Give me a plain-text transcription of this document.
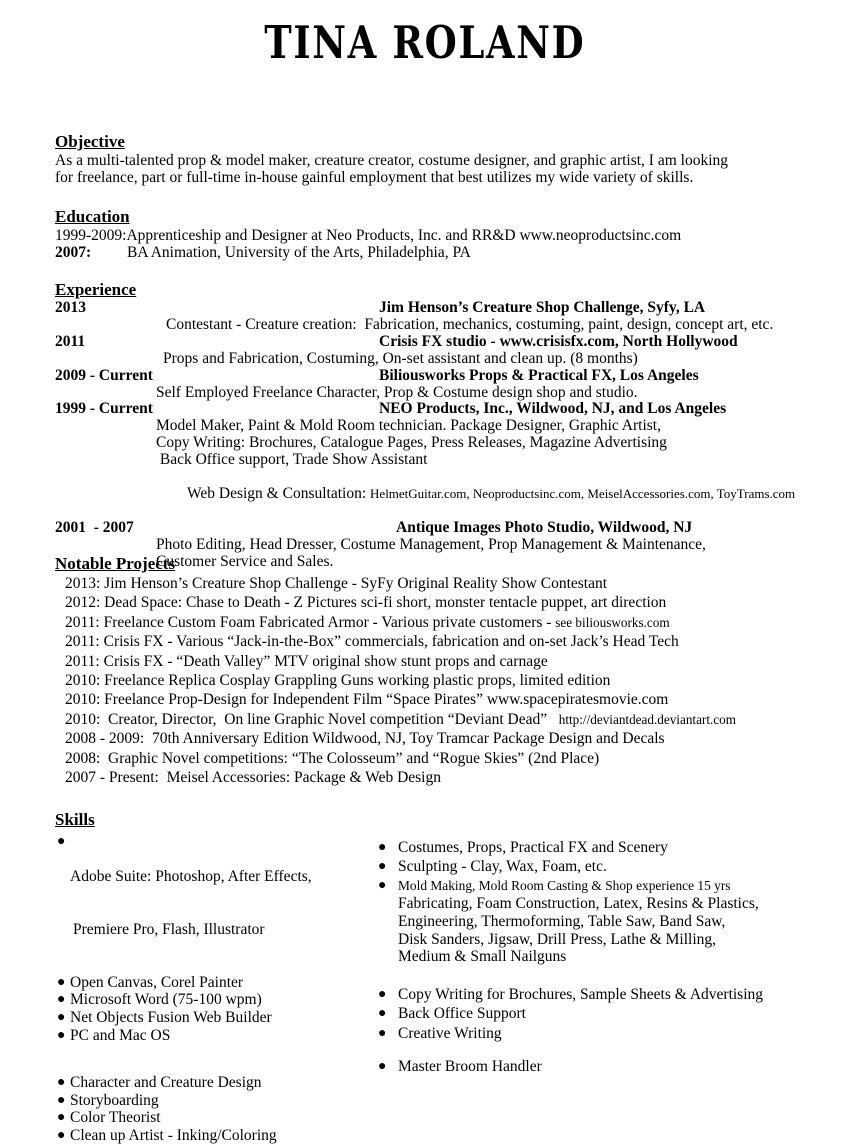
TINA ROLAND
Objective
As a multi-talented prop & model maker, creature creator, costume designer, and graphic artist, I am looking
for freelance, part or full-time in-house gainful employment that best utilizes my wide variety of skills.
Education
1999-2009: Apprenticeship and Designer at Neo Products, Inc. and RR&D www.neoproductsinc.com
2007:	BA Animation, University of the Arts, Philadelphia, PA
Experience
2013	Jim Henson’s Creature Shop Challenge, Syfy, LA
Contestant - Creature creation:  Fabrication, mechanics, costuming, paint, design, concept art, etc.
2011	Crisis FX studio - www.crisisfx.com, North Hollywood
Props and Fabrication, Costuming, On-set assistant and clean up. (8 months)
2009 - Current	Biliousworks Props & Practical FX, Los Angeles
Self Employed Freelance Character, Prop & Costume design shop and studio.
1999 - Current	NEO Products, Inc., Wildwood, NJ, and Los Angeles
Model Maker, Paint & Mold Room technician. Package Designer, Graphic Artist,
Copy Writing: Brochures, Catalogue Pages, Press Releases, Magazine Advertising
Back Office support, Trade Show Assistant

Web Design & Consultation: HelmetGuitar.com, Neoproductsinc.com, MeiselAccessories.com, ToyTrams.com

2001  - 2007	Antique Images Photo Studio, Wildwood, NJ
Photo Editing, Head Dresser, Costume Management, Prop Management & Maintenance,
Customer Service and Sales.
Notable Projects
2013: Jim Henson’s Creature Shop Challenge - SyFy Original Reality Show Contestant
2012: Dead Space: Chase to Death - Z Pictures sci-fi short, monster tentacle puppet, art direction
2011: Freelance Custom Foam Fabricated Armor - Various private customers - see biliousworks.com
2011: Crisis FX - Various “Jack-in-the-Box” commercials, fabrication and on-set Jack’s Head Tech
2011: Crisis FX - “Death Valley” MTV original show stunt props and carnage
2010: Freelance Replica Cosplay Grappling Guns working plastic props, limited edition
2010: Freelance Prop-Design for Independent Film “Space Pirates” www.spacepiratesmovie.com
2010:  Creator, Director,  On line Graphic Novel competition “Deviant Dead”   http://deviantdead.deviantart.com
2008 - 2009:  70th Anniversary Edition Wildwood, NJ, Toy Tramcar Package Design and Decals
2008:  Graphic Novel competitions: “The Colosseum” and “Rogue Skies” (2nd Place)
2007 - Present:  Meisel Accessories: Package & Web Design
Skills
●

Adobe Suite: Photoshop, After Effects,

Premiere Pro, Flash, Illustrator

● Open Canvas, Corel Painter
● Microsoft Word (75-100 wpm)
● Net Objects Fusion Web Builder
● PC and Mac OS
● Character and Creature Design
● Storyboarding
● Color Theorist
● Clean up Artist - Inking/Coloring
● Costumes, Props, Practical FX and Scenery
● Sculpting - Clay, Wax, Foam, etc.
● Mold Making, Mold Room Casting & Shop experience 15 yrs
Fabricating, Foam Construction, Latex, Resins & Plastics,
Engineering, Thermoforming, Table Saw, Band Saw,
Disk Sanders, Jigsaw, Drill Press, Lathe & Milling,
Medium & Small Nailguns
● Copy Writing for Brochures, Sample Sheets & Advertising
● Back Office Support
● Creative Writing
● Master Broom Handler
